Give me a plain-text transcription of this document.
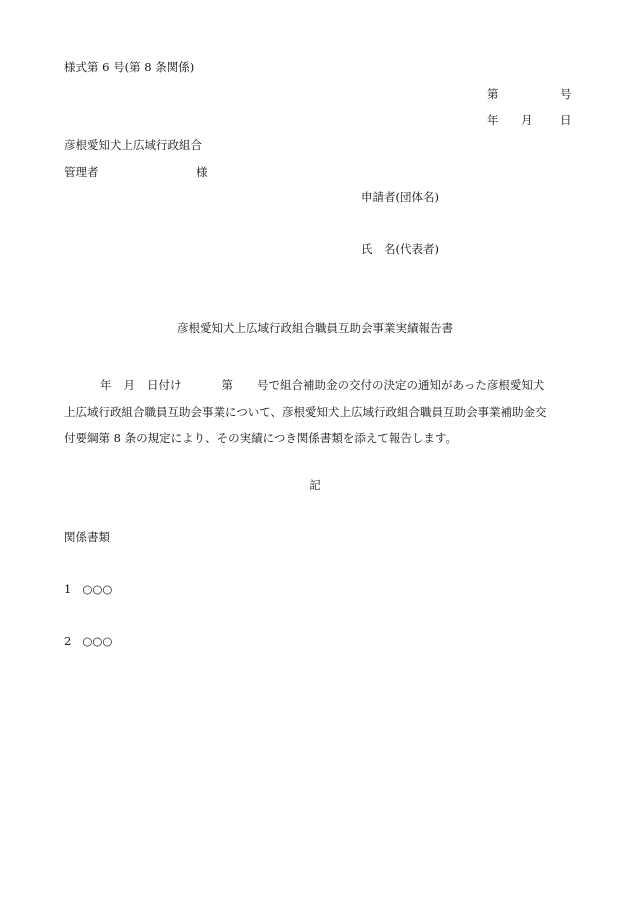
様式第 6 号(第 8 条関係)
第	号
年 月 日
彦根愛知犬上広域行政組合
管理者	様
申請者(団体名)
氏　名(代表者)
彦根愛知犬上広域行政組合職員互助会事業実績報告書
年 月 日付け	第 号で組合補助金の交付の決定の通知があった彦根愛知犬
上広域行政組合職員互助会事業について、彦根愛知犬上広域行政組合職員互助会事業補助金交
付要綱第 8 条の規定により、その実績につき関係書類を添えて報告します。
記
関係書類
1 ○○○
2 ○○○
